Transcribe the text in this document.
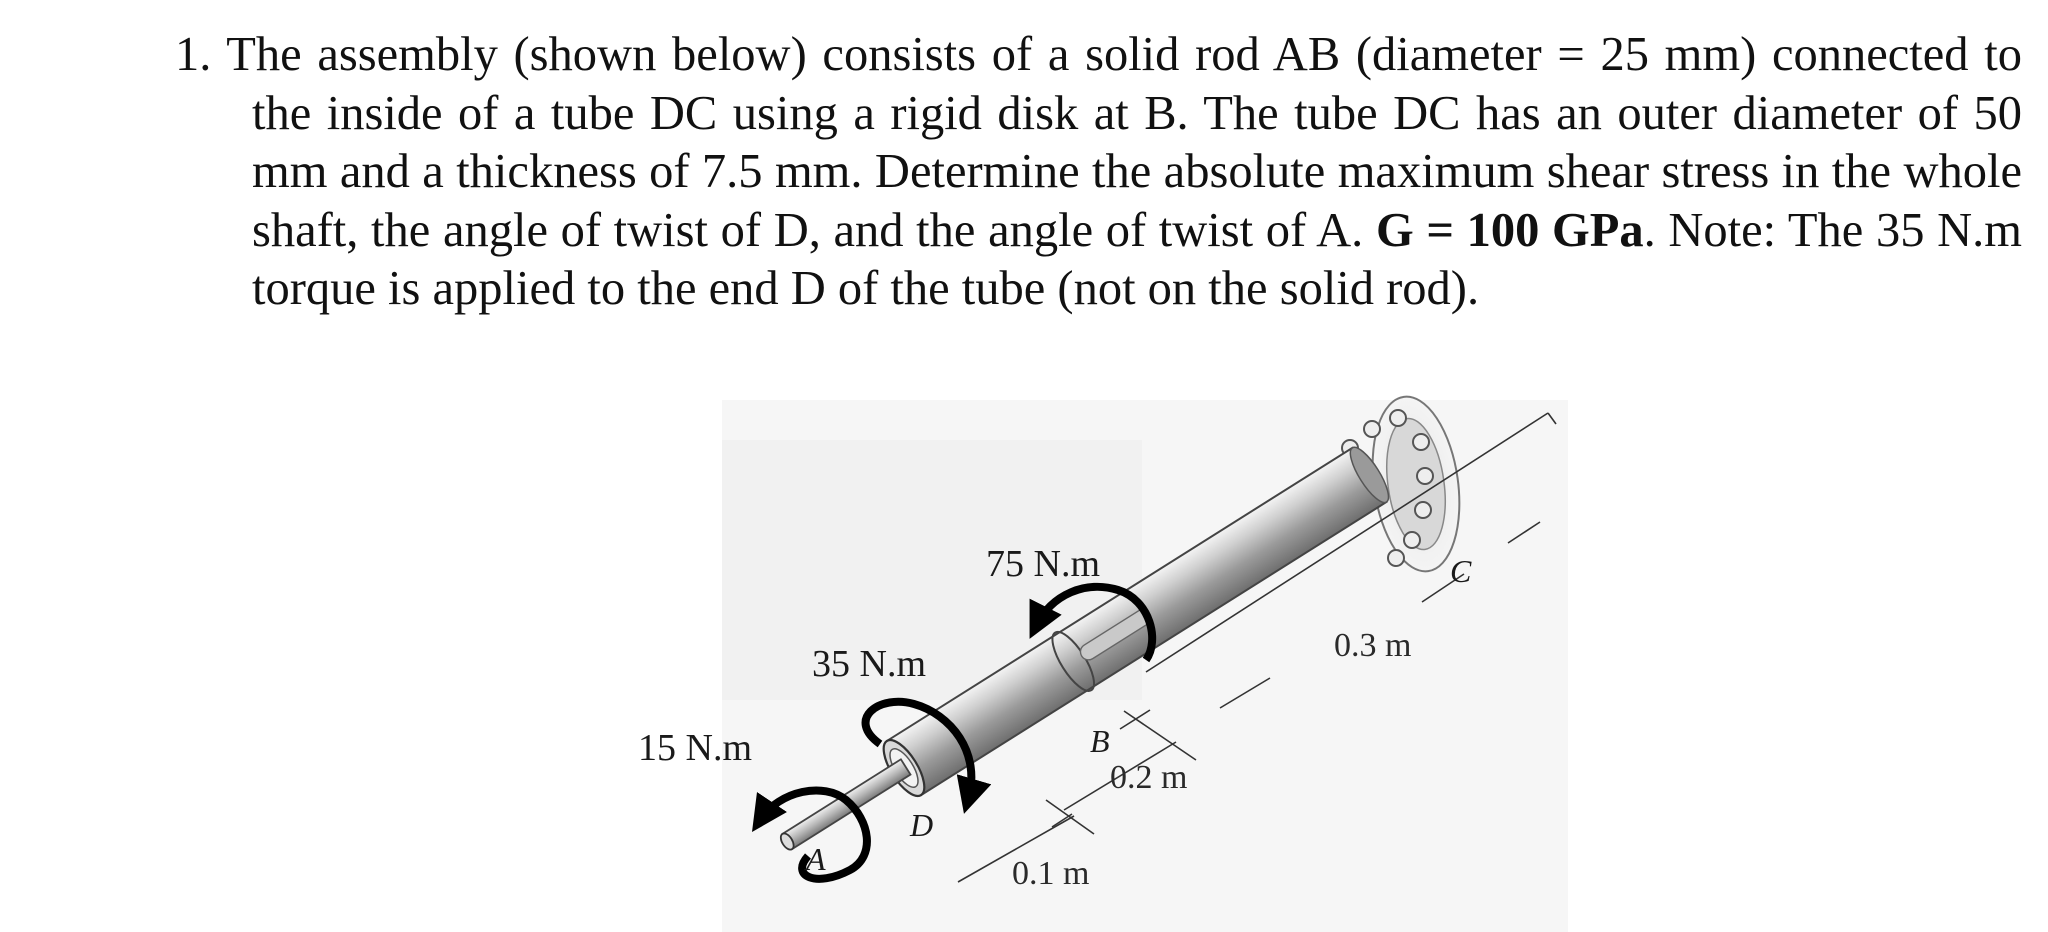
1. The assembly (shown below) consists of a solid rod AB (diameter = 25 mm) connected to the inside of a tube DC using a rigid disk at B. The tube DC has an outer diameter of 50 mm and a thickness of 7.5 mm. Determine the absolute maximum shear stress in the whole shaft, the angle of twist of D, and the angle of twist of A. G = 100 GPa. Note: The 35 N.m torque is applied to the end D of the tube (not on the solid rod).

75 N.m
35 N.m
15 N.m
A
B
C
D
0.3 m
0.2 m
0.1 m
